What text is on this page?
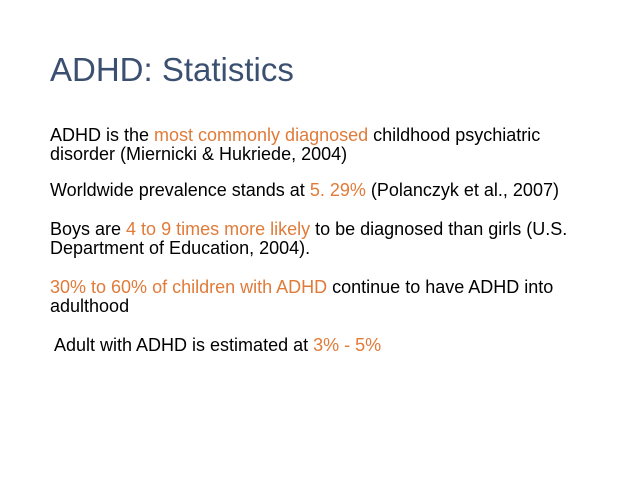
ADHD: Statistics

ADHD is the most commonly diagnosed childhood psychiatric disorder (Miernicki & Hukriede, 2004)

Worldwide prevalence stands at 5. 29% (Polanczyk et al., 2007)

Boys are 4 to 9 times more likely to be diagnosed than girls (U.S. Department of Education, 2004).

30% to 60% of children with ADHD continue to have ADHD into adulthood

Adult with ADHD is estimated at 3% - 5%
